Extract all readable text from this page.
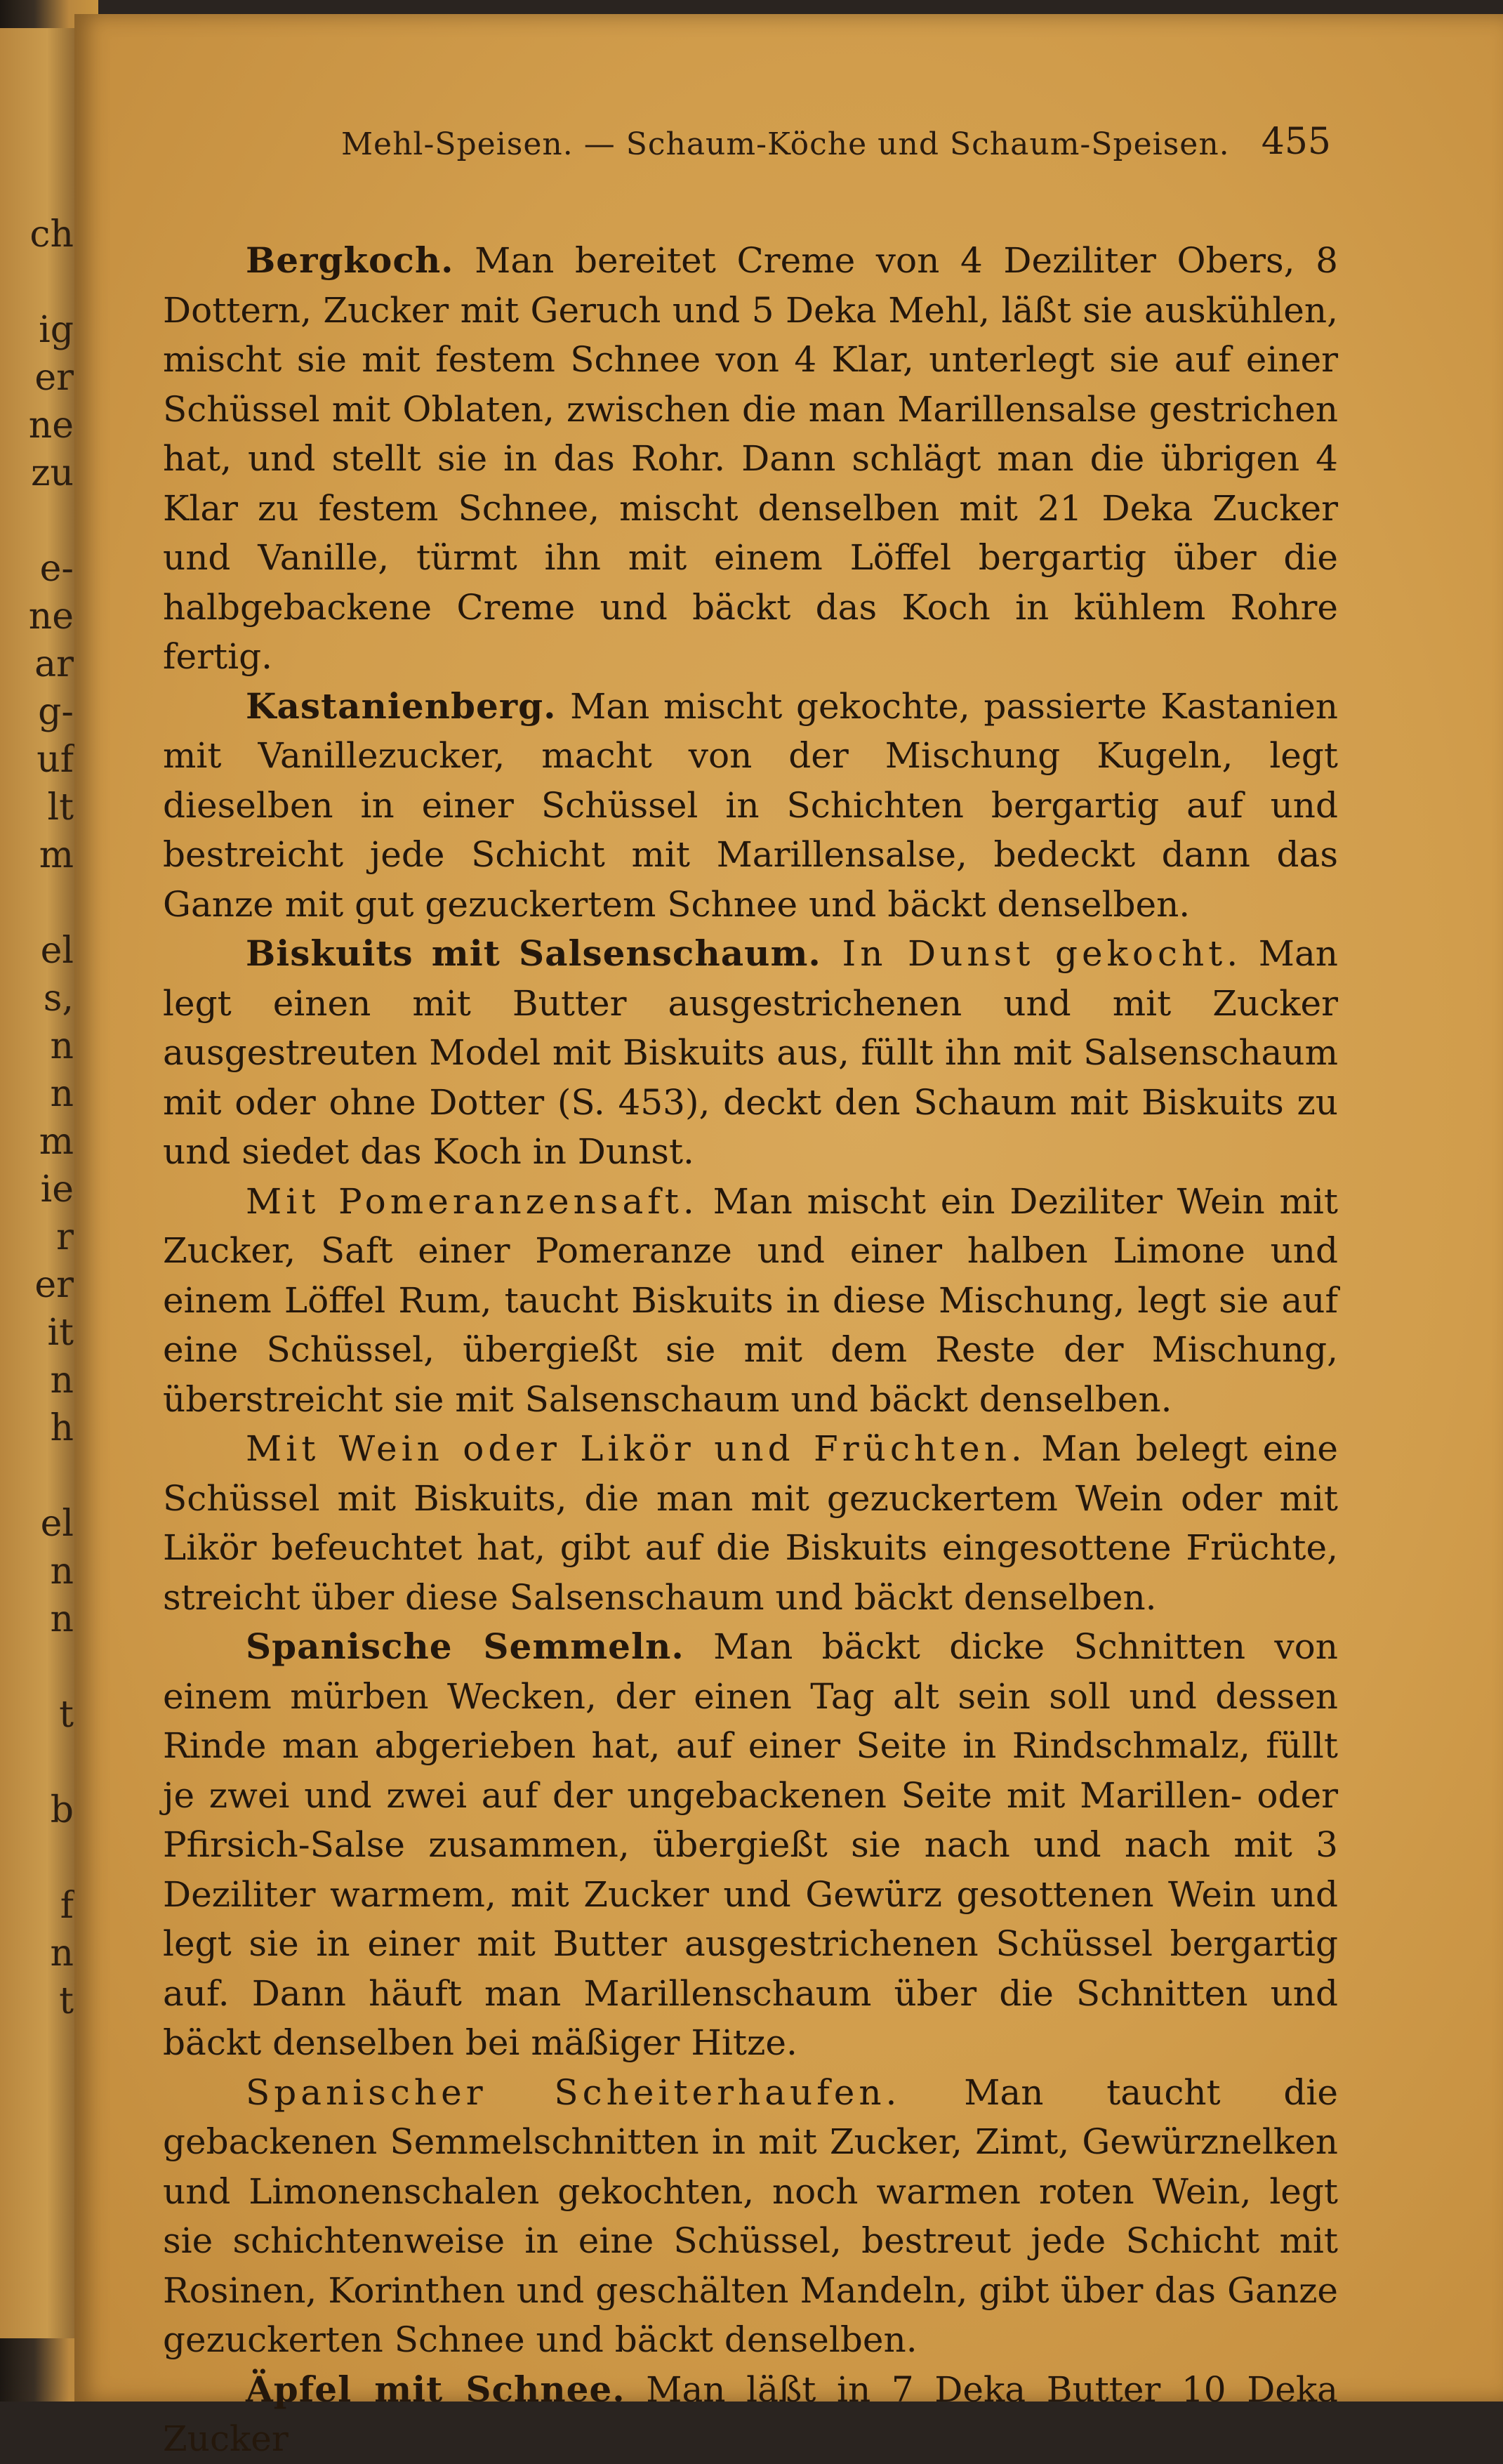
ch
ig
er
ne
zu
e-
ne
ar
g-
uf
lt
m
el
s,
n
n
m
ie
r
er
it
n
h
el
n
n
t
b
f
n
t
Mehl-Speisen. — Schaum-Köche und Schaum-Speisen. 455

Bergkoch. Man bereitet Creme von 4 Deziliter Obers, 8 Dottern, Zucker mit Geruch und 5 Deka Mehl, läßt sie auskühlen, mischt sie mit festem Schnee von 4 Klar, unterlegt sie auf einer Schüssel mit Oblaten, zwischen die man Marillensalse gestrichen hat, und stellt sie in das Rohr. Dann schlägt man die übrigen 4 Klar zu festem Schnee, mischt denselben mit 21 Deka Zucker und Vanille, türmt ihn mit einem Löffel bergartig über die halbgebackene Creme und bäckt das Koch in kühlem Rohre fertig.

Kastanienberg. Man mischt gekochte, passierte Kastanien mit Vanillezucker, macht von der Mischung Kugeln, legt dieselben in einer Schüssel in Schichten bergartig auf und bestreicht jede Schicht mit Marillensalse, bedeckt dann das Ganze mit gut gezuckertem Schnee und bäckt denselben.

Biskuits mit Salsenschaum. In Dunst gekocht. Man legt einen mit Butter ausgestrichenen und mit Zucker ausgestreuten Model mit Biskuits aus, füllt ihn mit Salsenschaum mit oder ohne Dotter (S. 453), deckt den Schaum mit Biskuits zu und siedet das Koch in Dunst.

Mit Pomeranzensaft. Man mischt ein Deziliter Wein mit Zucker, Saft einer Pomeranze und einer halben Limone und einem Löffel Rum, taucht Biskuits in diese Mischung, legt sie auf eine Schüssel, übergießt sie mit dem Reste der Mischung, überstreicht sie mit Salsenschaum und bäckt denselben.

Mit Wein oder Likör und Früchten. Man belegt eine Schüssel mit Biskuits, die man mit gezuckertem Wein oder mit Likör befeuchtet hat, gibt auf die Biskuits eingesottene Früchte, streicht über diese Salsenschaum und bäckt denselben.

Spanische Semmeln. Man bäckt dicke Schnitten von einem mürben Wecken, der einen Tag alt sein soll und dessen Rinde man abgerieben hat, auf einer Seite in Rindschmalz, füllt je zwei und zwei auf der ungebackenen Seite mit Marillen- oder Pfirsich-Salse zusammen, übergießt sie nach und nach mit 3 Deziliter warmem, mit Zucker und Gewürz gesottenen Wein und legt sie in einer mit Butter ausgestrichenen Schüssel bergartig auf. Dann häuft man Marillenschaum über die Schnitten und bäckt denselben bei mäßiger Hitze.

Spanischer Scheiterhaufen. Man taucht die gebackenen Semmelschnitten in mit Zucker, Zimt, Gewürznelken und Limonenschalen gekochten, noch warmen roten Wein, legt sie schichtenweise in eine Schüssel, bestreut jede Schicht mit Rosinen, Korinthen und geschälten Mandeln, gibt über das Ganze gezuckerten Schnee und bäckt denselben.

Äpfel mit Schnee. Man läßt in 7 Deka Butter 10 Deka Zucker
